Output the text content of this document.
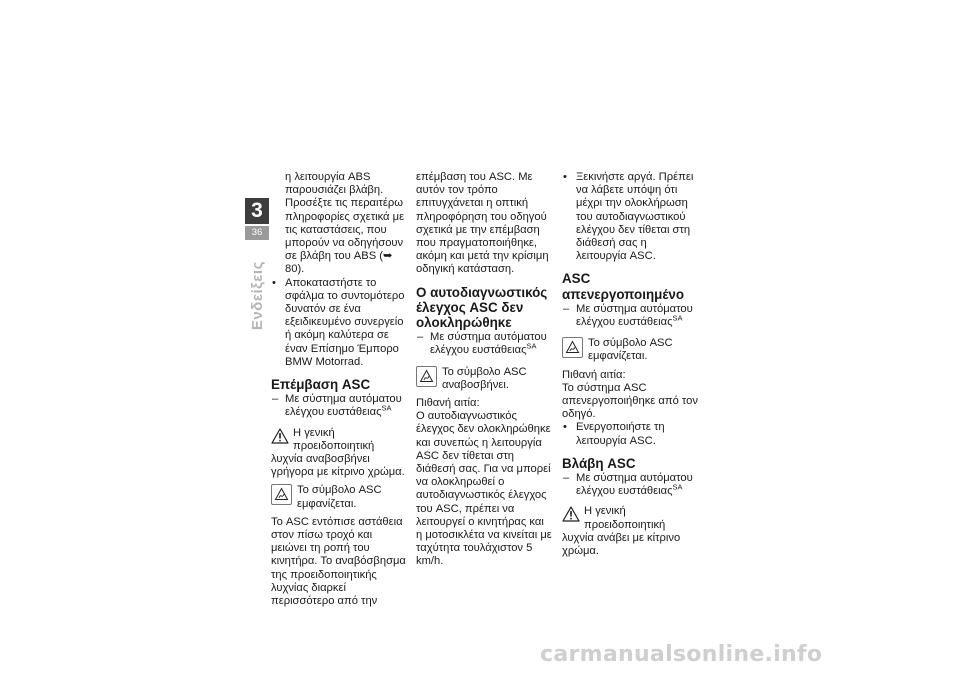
3
36
Ενδείξεις

η λειτουργία ABS παρουσιάζει βλάβη. Προσέξτε τις περαιτέρω πληροφορίες σχετικά με τις καταστάσεις, που μπορούν να οδηγήσουν σε βλάβη του ABS (➥ 80).

• Αποκαταστήστε το σφάλμα το συντομότερο δυνατόν σε ένα εξειδικευμένο συνεργείο ή ακόμη καλύτερα σε έναν Επίσημο Έμπορο BMW Motorrad.

Επέμβαση ASC

– Με σύστημα αυτόματου ελέγχου ευστάθειας$^{SA}$

Η γενική προειδοποιητική λυχνία αναβοσβήνει γρήγορα με κίτρινο χρώμα.
Το σύμβολο ASC εμφανίζεται.

Το ASC εντόπισε αστάθεια στον πίσω τροχό και μειώνει τη ροπή του κινητήρα. Το αναβόσβησμα της προειδοποιητικής λυχνίας διαρκεί περισσότερο από την

επέμβαση του ASC. Με αυτόν τον τρόπο επιτυγχάνεται η οπτική πληροφόρηση του οδηγού σχετικά με την επέμβαση που πραγματοποιήθηκε, ακόμη και μετά την κρίσιμη οδηγική κατάσταση.

Ο αυτοδιαγνωστικός έλεγχος ASC δεν ολοκληρώθηκε

– Με σύστημα αυτόματου ελέγχου ευστάθειας$^{SA}$

Το σύμβολο ASC αναβοσβήνει.

Πιθανή αιτία:

Ο αυτοδιαγνωστικός έλεγχος δεν ολοκληρώθηκε και συνεπώς η λειτουργία ASC δεν τίθεται στη διάθεσή σας. Για να μπορεί να ολοκληρωθεί ο αυτοδιαγνωστικός έλεγχος του ASC, πρέπει να λειτουργεί ο κινητήρας και η μοτοσικλέτα να κινείται με ταχύτητα τουλάχιστον 5 km/h.

• Ξεκινήστε αργά. Πρέπει να λάβετε υπόψη ότι μέχρι την ολοκλήρωση του αυτοδιαγνωστικού ελέγχου δεν τίθεται στη διάθεσή σας η λειτουργία ASC.

ASC απενεργοποιημένο

– Με σύστημα αυτόματου ελέγχου ευστάθειας$^{SA}$

Το σύμβολο ASC εμφανίζεται.

Πιθανή αιτία:

Το σύστημα ASC απενεργοποιήθηκε από τον οδηγό.

• Ενεργοποιήστε τη λειτουργία ASC.

Βλάβη ASC

– Με σύστημα αυτόματου ελέγχου ευστάθειας$^{SA}$

Η γενική προειδοποιητική λυχνία ανάβει με κίτρινο χρώμα.
carmanualsonline.info
